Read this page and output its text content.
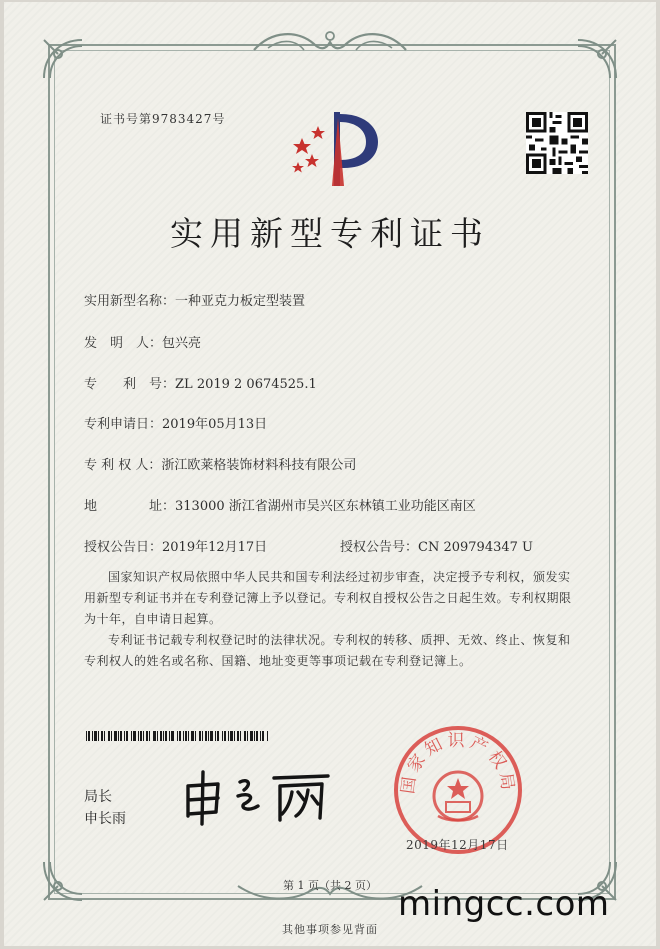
证书号第9783427号
实用新型专利证书
实用新型名称：一种亚克力板定型装置
发　明　人：包兴亮
专　　利　号：ZL 2019 2 0674525.1
专利申请日：2019年05月13日
专 利 权 人：浙江欧莱格装饰材料科技有限公司
地　　　　址：313000 浙江省湖州市吴兴区东林镇工业功能区南区
授权公告日：2019年12月17日	授权公告号：CN 209794347 U
国家知识产权局依照中华人民共和国专利法经过初步审查，决定授予专利权，颁发实用新型专利证书并在专利登记簿上予以登记。专利权自授权公告之日起生效。专利权期限为十年，自申请日起算。
专利证书记载专利权登记时的法律状况。专利权的转移、质押、无效、终止、恢复和专利权人的姓名或名称、国籍、地址变更等事项记载在专利登记簿上。
局长
申长雨
国家知识产权局
2019年12月17日
第 1 页（共 2 页）
其他事项参见背面
mingcc.com
